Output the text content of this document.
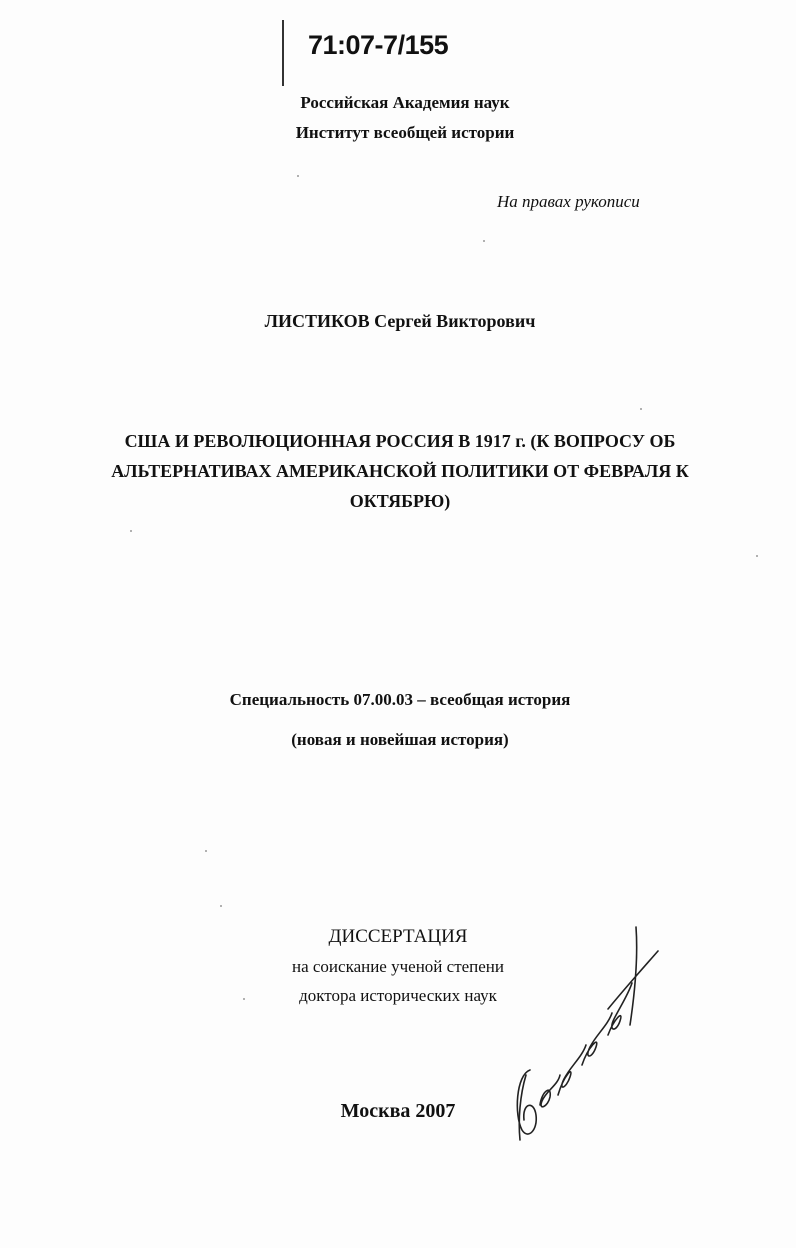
71:07-7/155
Российская Академия наук
Институт всеобщей истории
На правах рукописи
ЛИСТИКОВ Сергей Викторович
США И РЕВОЛЮЦИОННАЯ РОССИЯ В 1917 г. (К ВОПРОСУ ОБ
АЛЬТЕРНАТИВАХ АМЕРИКАНСКОЙ ПОЛИТИКИ ОТ ФЕВРАЛЯ К
ОКТЯБРЮ)
Специальность 07.00.03 – всеобщая история
(новая и новейшая история)
ДИССЕРТАЦИЯ
на соискание ученой степени
доктора исторических наук
Москва 2007
